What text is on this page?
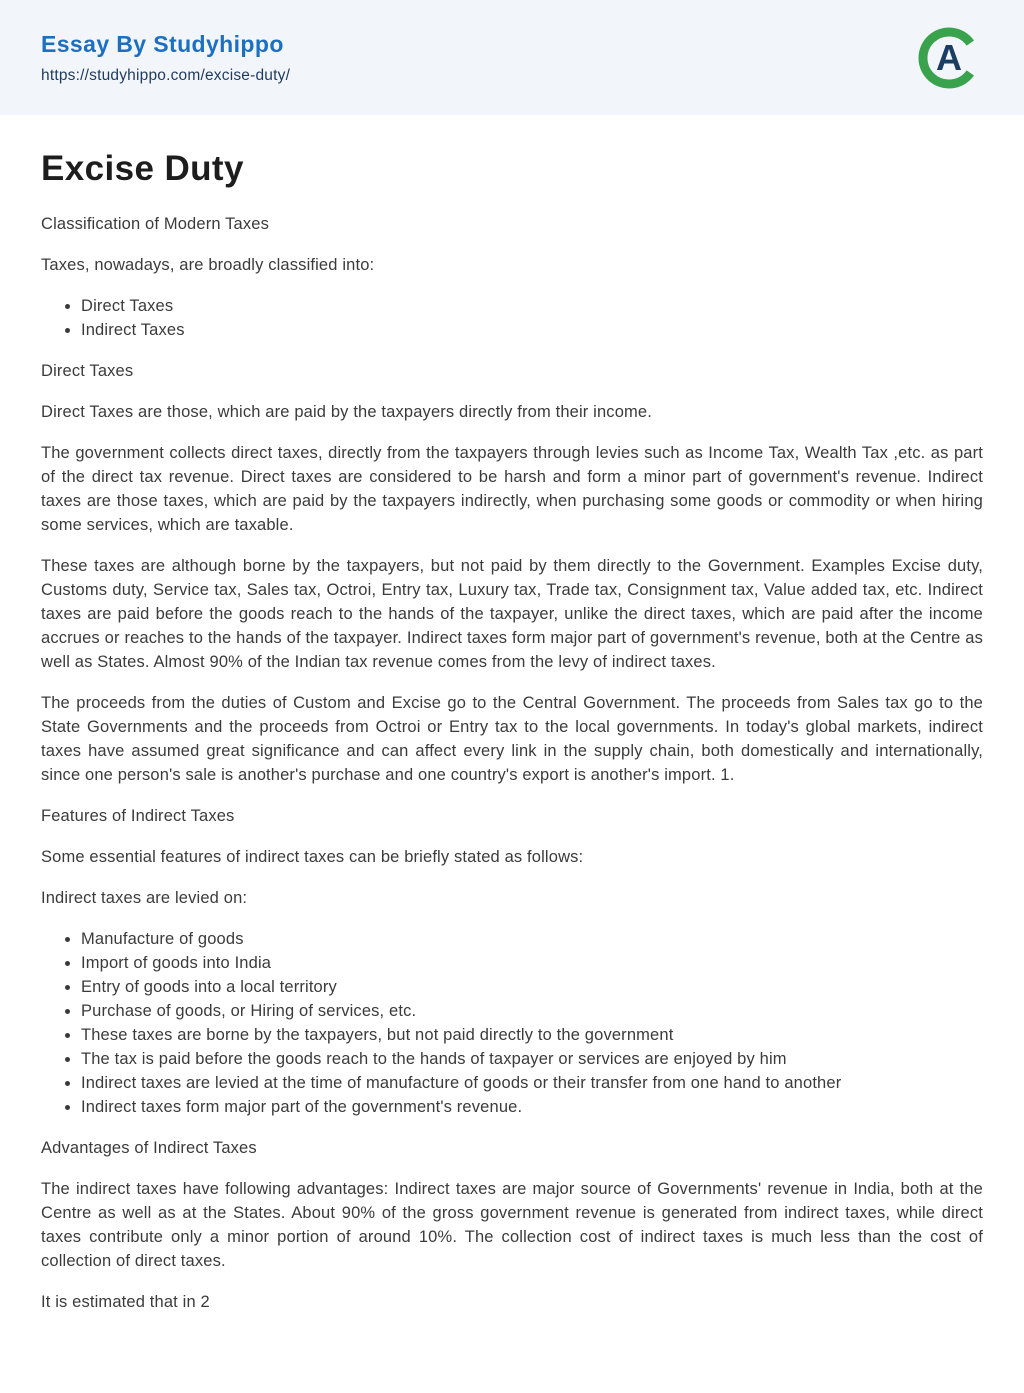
Essay By Studyhippo
https://studyhippo.com/excise-duty/	A
Excise Duty

Classification of Modern Taxes

Taxes, nowadays, are broadly classified into:

• Direct Taxes
• Indirect Taxes

Direct Taxes

Direct Taxes are those, which are paid by the taxpayers directly from their income.

The government collects direct taxes, directly from the taxpayers through levies such as Income Tax, Wealth Tax ,etc. as part of the direct tax revenue. Direct taxes are considered to be harsh and form a minor part of government's revenue. Indirect taxes are those taxes, which are paid by the taxpayers indirectly, when purchasing some goods or commodity or when hiring some services, which are taxable.

These taxes are although borne by the taxpayers, but not paid by them directly to the Government. Examples Excise duty, Customs duty, Service tax, Sales tax, Octroi, Entry tax, Luxury tax, Trade tax, Consignment tax, Value added tax, etc. Indirect taxes are paid before the goods reach to the hands of the taxpayer, unlike the direct taxes, which are paid after the income accrues or reaches to the hands of the taxpayer. Indirect taxes form major part of government's revenue, both at the Centre as well as States. Almost 90% of the Indian tax revenue comes from the levy of indirect taxes.

The proceeds from the duties of Custom and Excise go to the Central Government. The proceeds from Sales tax go to the State Governments and the proceeds from Octroi or Entry tax to the local governments. In today's global markets, indirect taxes have assumed great significance and can affect every link in the supply chain, both domestically and internationally, since one person's sale is another's purchase and one country's export is another's import. 1.

Features of Indirect Taxes

Some essential features of indirect taxes can be briefly stated as follows:

Indirect taxes are levied on:

• Manufacture of goods
• Import of goods into India
• Entry of goods into a local territory
• Purchase of goods, or Hiring of services, etc.
• These taxes are borne by the taxpayers, but not paid directly to the government
• The tax is paid before the goods reach to the hands of taxpayer or services are enjoyed by him
• Indirect taxes are levied at the time of manufacture of goods or their transfer from one hand to another
• Indirect taxes form major part of the government's revenue.

Advantages of Indirect Taxes

The indirect taxes have following advantages: Indirect taxes are major source of Governments' revenue in India, both at the Centre as well as at the States. About 90% of the gross government revenue is generated from indirect taxes, while direct taxes contribute only a minor portion of around 10%. The collection cost of indirect taxes is much less than the cost of collection of direct taxes.

It is estimated that in 2
